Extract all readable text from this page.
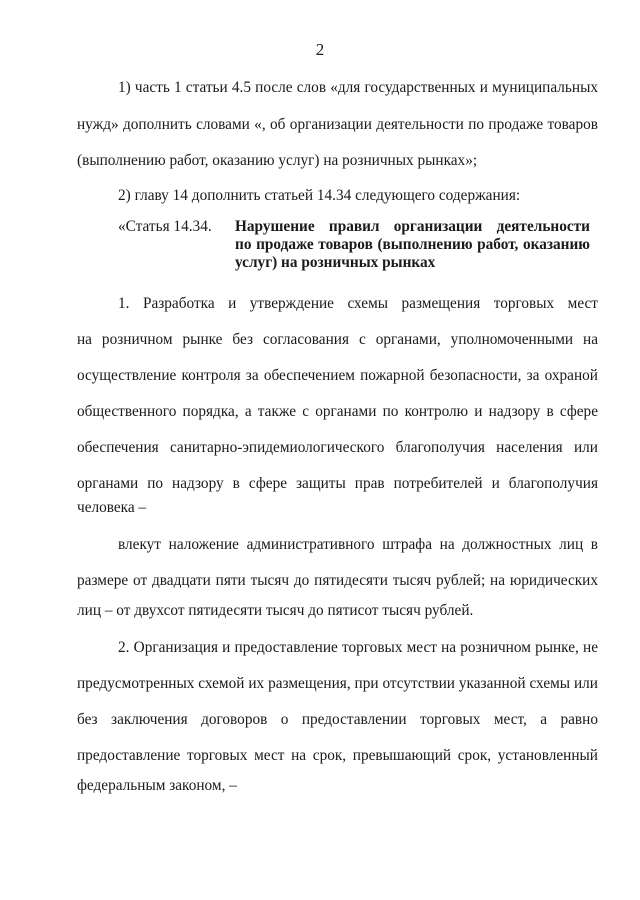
2
1) часть 1 статьи 4.5 после слов «для государственных и муниципальных
нужд» дополнить словами «, об организации деятельности по продаже товаров
(выполнению работ, оказанию услуг) на розничных рынках»;
2) главу 14 дополнить статьей 14.34 следующего содержания:
«Статья 14.34. Нарушение правил организации деятельности
по продаже товаров (выполнению работ, оказанию
услуг) на розничных рынках
1. Разработка и утверждение схемы размещения торговых мест
на розничном рынке без согласования с органами, уполномоченными на
осуществление контроля за обеспечением пожарной безопасности, за охраной
общественного порядка, а также с органами по контролю и надзору в сфере
обеспечения санитарно-эпидемиологического благополучия населения или
органами по надзору в сфере защиты прав потребителей и благополучия
человека –
влекут наложение административного штрафа на должностных лиц в
размере от двадцати пяти тысяч до пятидесяти тысяч рублей; на юридических
лиц – от двухсот пятидесяти тысяч до пятисот тысяч рублей.
2. Организация и предоставление торговых мест на розничном рынке, не
предусмотренных схемой их размещения, при отсутствии указанной схемы или
без заключения договоров о предоставлении торговых мест, а равно
предоставление торговых мест на срок, превышающий срок, установленный
федеральным законом, –
